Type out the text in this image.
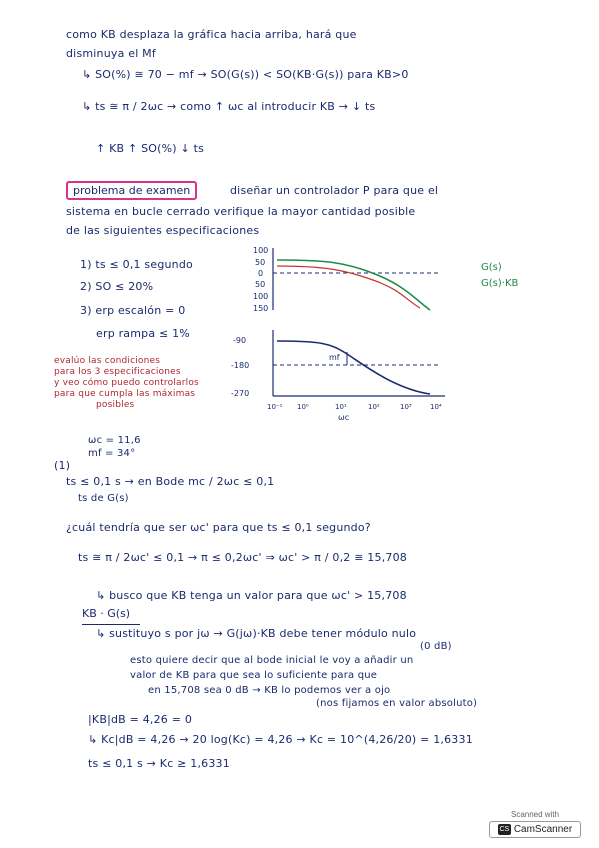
como KB desplaza la gráfica hacia arriba, hará que
disminuya el Mf
↳ SO(%) ≅ 70 − mf → SO(G(s)) < SO(KB·G(s)) para KB>0
↳ ts ≅ π / 2ωc → como ↑ ωc al introducir KB → ↓ ts
↑ KB ↑ SO(%) ↓ ts
problema de examen	diseñar un controlador P para que el
sistema en bucle cerrado verifique la mayor cantidad posible
de las siguientes especificaciones
1) ts ≤ 0,1 segundo
2) SO ≤ 20%
3) erp escalón = 0
erp rampa ≤ 1%
evalúo las condiciones
para los 3 especificaciones
y veo cómo puedo controlarlos
para que cumpla las máximas
posibles
100
50
0
50
100
150
-90
-180
-270
mf
10⁻¹ 10⁰	10¹	10²	10³	10⁴
ωc
G(s)
G(s)·KB
ωc = 11,6
mf = 34°
(1)
ts ≤ 0,1 s → en Bode mc / 2ωc ≤ 0,1
ts de G(s)
¿cuál tendría que ser ωc' para que ts ≤ 0,1 segundo?
ts ≅ π / 2ωc' ≤ 0,1 → π ≤ 0,2ωc' ⇒ ωc' > π / 0,2 ≅ 15,708
↳ busco que KB tenga un valor para que ωc' > 15,708
KB · G(s)
↳ sustituyo s por jω → G(jω)·KB debe tener módulo nulo
(0 dB)
esto quiere decir que al bode inicial le voy a añadir un
valor de KB para que sea lo suficiente para que
en 15,708 sea 0 dB → KB lo podemos ver a ojo
(nos fijamos en valor absoluto)
|KB|dB = 4,26 = 0
↳ Kc|dB = 4,26 → 20 log(Kc) = 4,26 → Kc = 10^(4,26/20) = 1,6331
ts ≤ 0,1 s → Kc ≥ 1,6331
Scanned with
CS CamScanner
